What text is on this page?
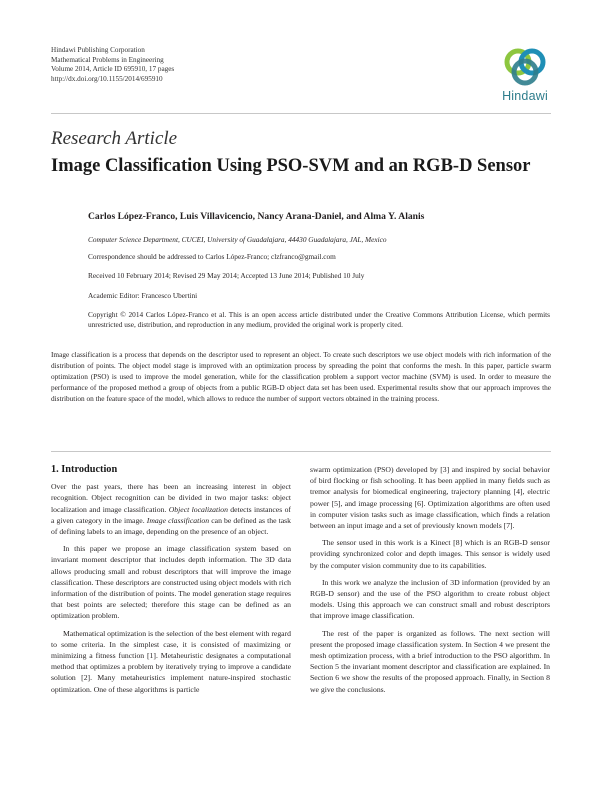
Hindawi Publishing Corporation
Mathematical Problems in Engineering
Volume 2014, Article ID 695910, 17 pages
http://dx.doi.org/10.1155/2014/695910
Hindawi
Research Article
Image Classification Using PSO-SVM and an RGB-D Sensor
Carlos López-Franco, Luis Villavicencio, Nancy Arana-Daniel, and Alma Y. Alanis
Computer Science Department, CUCEI, University of Guadalajara, 44430 Guadalajara, JAL, Mexico
Correspondence should be addressed to Carlos López-Franco; clzfranco@gmail.com
Received 10 February 2014; Revised 29 May 2014; Accepted 13 June 2014; Published 10 July
Academic Editor: Francesco Ubertini
Copyright © 2014 Carlos López-Franco et al. This is an open access article distributed under the Creative Commons Attribution License, which permits unrestricted use, distribution, and reproduction in any medium, provided the original work is properly cited.
Image classification is a process that depends on the descriptor used to represent an object. To create such descriptors we use object models with rich information of the distribution of points. The object model stage is improved with an optimization process by spreading the point that conforms the mesh. In this paper, particle swarm optimization (PSO) is used to improve the model generation, while for the classification problem a support vector machine (SVM) is used. In order to measure the performance of the proposed method a group of objects from a public RGB-D object data set has been used. Experimental results show that our approach improves the distribution on the feature space of the model, which allows to reduce the number of support vectors obtained in the training process.

1. Introduction

Over the past years, there has been an increasing interest in object recognition. Object recognition can be divided in two major tasks: object localization and image classification. Object localization detects instances of a given category in the image. Image classification can be defined as the task of defining labels to an image, depending on the presence of an object.

In this paper we propose an image classification system based on invariant moment descriptor that includes depth information. The 3D data allows producing small and robust descriptors that will improve the image classification. These descriptors are constructed using object models with rich information of the distribution of points. The model generation stage requires that best points are selected; therefore this stage can be defined as an optimization problem.

Mathematical optimization is the selection of the best element with regard to some criteria. In the simplest case, it is consisted of maximizing or minimizing a fitness function [1]. Metaheuristic designates a computational method that optimizes a problem by iteratively trying to improve a candidate solution [2]. Many metaheuristics implement nature-inspired stochastic optimization. One of these algorithms is particle

swarm optimization (PSO) developed by [3] and inspired by social behavior of bird flocking or fish schooling. It has been applied in many fields such as tremor analysis for biomedical engineering, trajectory planning [4], electric power [5], and image processing [6]. Optimization algorithms are often used in computer vision tasks such as image classification, which finds a relation between an input image and a set of previously known models [7].

The sensor used in this work is a Kinect [8] which is an RGB-D sensor providing synchronized color and depth images. This sensor is widely used by the computer vision community due to its capabilities.

In this work we analyze the inclusion of 3D information (provided by an RGB-D sensor) and the use of the PSO algorithm to create robust object models. Using this approach we can construct small and robust descriptors that improve image classification.

The rest of the paper is organized as follows. The next section will present the proposed image classification system. In Section 4 we present the mesh optimization process, with a brief introduction to the PSO algorithm. In Section 5 the invariant moment descriptor and classification are explained. In Section 6 we show the results of the proposed approach. Finally, in Section 8 we give the conclusions.
